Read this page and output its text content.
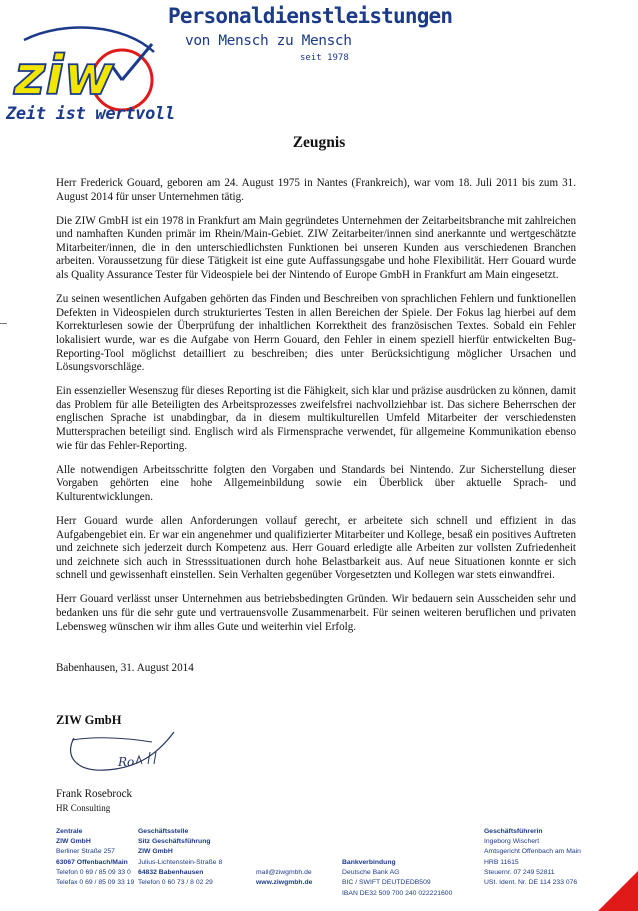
Personaldienstleistungen
von Mensch zu Mensch
seit 1978
ziw
Zeit ist wertvoll
Zeugnis

Herr Frederick Gouard, geboren am 24. August 1975 in Nantes (Frankreich), war vom 18. Juli 2011 bis zum 31. August 2014 für unser Unternehmen tätig.

Die ZIW GmbH ist ein 1978 in Frankfurt am Main gegründetes Unternehmen der Zeitarbeitsbranche mit zahlreichen und namhaften Kunden primär im Rhein/Main-Gebiet. ZIW Zeitarbeiter/innen sind anerkannte und wertgeschätzte Mitarbeiter/innen, die in den unterschiedlichsten Funktionen bei unseren Kunden aus verschiedenen Branchen arbeiten. Voraussetzung für diese Tätigkeit ist eine gute Auffassungsgabe und hohe Flexibilität. Herr Gouard wurde als Quality Assurance Tester für Videospiele bei der Nintendo of Europe GmbH in Frankfurt am Main eingesetzt.

Zu seinen wesentlichen Aufgaben gehörten das Finden und Beschreiben von sprachlichen Fehlern und funktionellen Defekten in Videospielen durch strukturiertes Testen in allen Bereichen der Spiele. Der Fokus lag hierbei auf dem Korrekturlesen sowie der Überprüfung der inhaltlichen Korrektheit des französischen Textes. Sobald ein Fehler lokalisiert wurde, war es die Aufgabe von Herrn Gouard, den Fehler in einem speziell hierfür entwickelten Bug-Reporting-Tool möglichst detailliert zu beschreiben; dies unter Berücksichtigung möglicher Ursachen und Lösungsvorschläge.

Ein essenzieller Wesenszug für dieses Reporting ist die Fähigkeit, sich klar und präzise ausdrücken zu können, damit das Problem für alle Beteiligten des Arbeitsprozesses zweifelsfrei nachvollziehbar ist. Das sichere Beherrschen der englischen Sprache ist unabdingbar, da in diesem multikulturellen Umfeld Mitarbeiter der verschiedensten Muttersprachen beteiligt sind. Englisch wird als Firmensprache verwendet, für allgemeine Kommunikation ebenso wie für das Fehler-Reporting.

Alle notwendigen Arbeitsschritte folgten den Vorgaben und Standards bei Nintendo. Zur Sicherstellung dieser Vorgaben gehörten eine hohe Allgemeinbildung sowie ein Überblick über aktuelle Sprach- und Kulturentwicklungen.

Herr Gouard wurde allen Anforderungen vollauf gerecht, er arbeitete sich schnell und effizient in das Aufgabengebiet ein. Er war ein angenehmer und qualifizierter Mitarbeiter und Kollege, besaß ein positives Auftreten und zeichnete sich jederzeit durch Kompetenz aus. Herr Gouard erledigte alle Arbeiten zur vollsten Zufriedenheit und zeichnete sich auch in Stresssituationen durch hohe Belastbarkeit aus. Auf neue Situationen konnte er sich schnell und gewissenhaft einstellen. Sein Verhalten gegenüber Vorgesetzten und Kollegen war stets einwandfrei.

Herr Gouard verlässt unser Unternehmen aus betriebsbedingten Gründen. Wir bedauern sein Ausscheiden sehr und bedanken uns für die sehr gute und vertrauensvolle Zusammenarbeit. Für seinen weiteren beruflichen und privaten Lebensweg wünschen wir ihm alles Gute und weiterhin viel Erfolg.

Babenhausen, 31. August 2014
ZIW GmbH
Ro
Frank Rosebrock
HR Consulting
Zentrale
ZIW GmbH
Berliner Straße 257
63067 Offenbach/Main
Telefon 0 69 / 85 09 33 0
Telefax 0 69 / 85 09 33 19
Geschäftsstelle
Sitz Geschäftsführung
ZIW GmbH
Julius-Lichtenstein-Straße 8
64832 Babenhausen
Telefon 0 60 73 / 8 02 29
mail@ziwgmbh.de
www.ziwgmbh.de
Bankverbindung
Deutsche Bank AG
BIC / SWIFT DEUTDEDB509
IBAN DE32 509 700 240 022221600
Geschäftsführerin
Ingeborg Wischert
Amtsgericht Offenbach am Main
HRB 11615
Steuernr. 07 249 52811
USt. Ident. Nr. DE 114 233 076
